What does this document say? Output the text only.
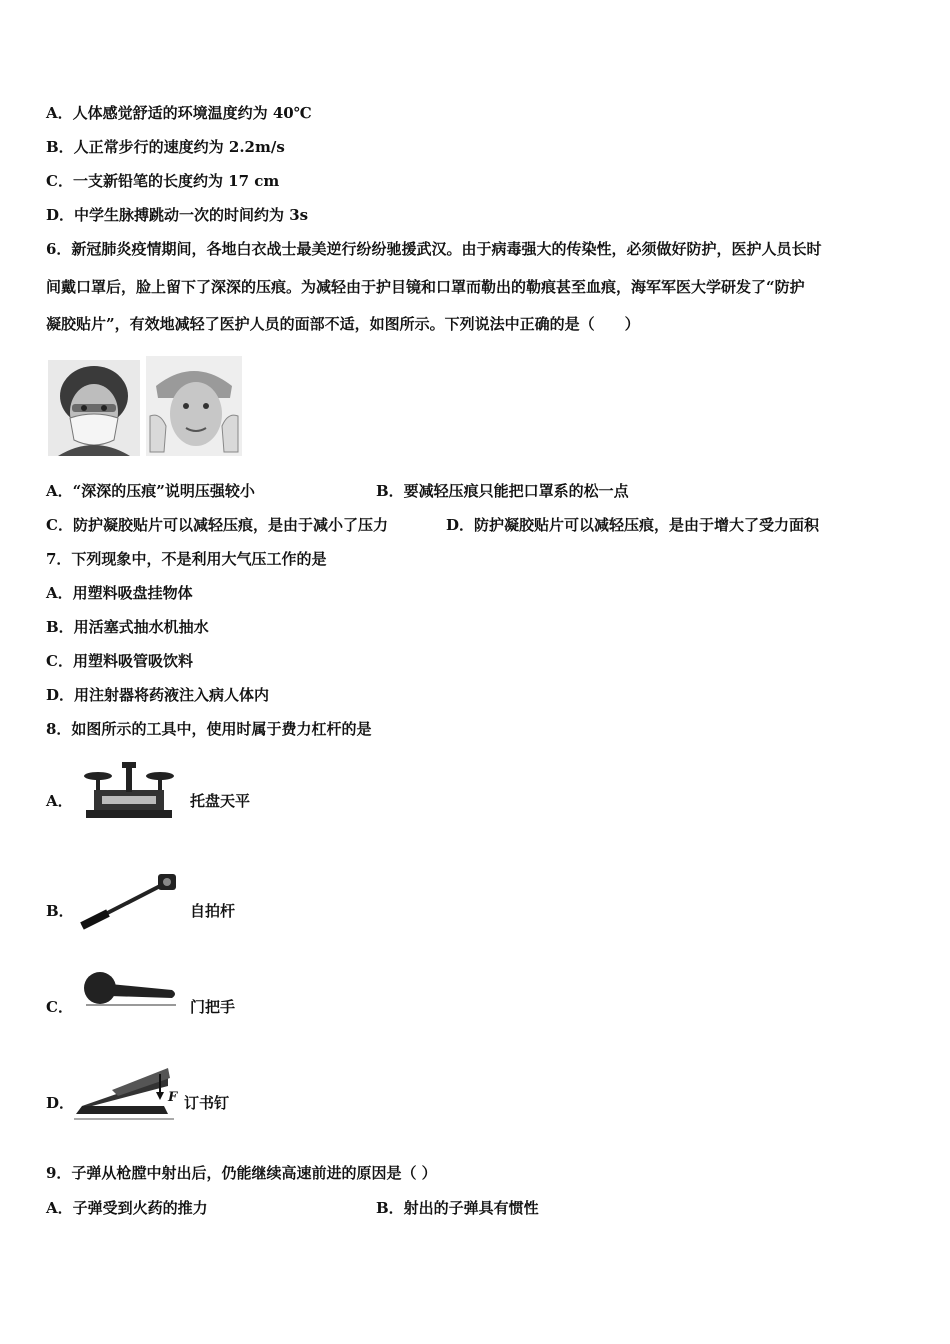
A．人体感觉舒适的环境温度约为 40℃
B．人正常步行的速度约为 2.2m/s
C．一支新铅笔的长度约为 17 cm
D．中学生脉搏跳动一次的时间约为 3s
6．新冠肺炎疫情期间，各地白衣战士最美逆行纷纷驰援武汉。由于病毒强大的传染性，必须做好防护，医护人员长时
间戴口罩后，脸上留下了深深的压痕。为减轻由于护目镜和口罩而勒出的勒痕甚至血痕，海军军医大学研发了“防护
凝胶贴片”，有效地减轻了医护人员的面部不适，如图所示。下列说法中正确的是（　　）
A．“深深的压痕”说明压强较小	B．要减轻压痕只能把口罩系的松一点
C．防护凝胶贴片可以减轻压痕，是由于减小了压力	D．防护凝胶贴片可以减轻压痕，是由于增大了受力面积
7．下列现象中，不是利用大气压工作的是
A．用塑料吸盘挂物体
B．用活塞式抽水机抽水
C．用塑料吸管吸饮料
D．用注射器将药液注入病人体内
8．如图所示的工具中，使用时属于费力杠杆的是
A．	托盘天平
B．	自拍杆
C．	门把手
D．	F 订书钉
9．子弹从枪膛中射出后，仍能继续高速前进的原因是（ ）
A．子弹受到火药的推力	B．射出的子弹具有惯性
